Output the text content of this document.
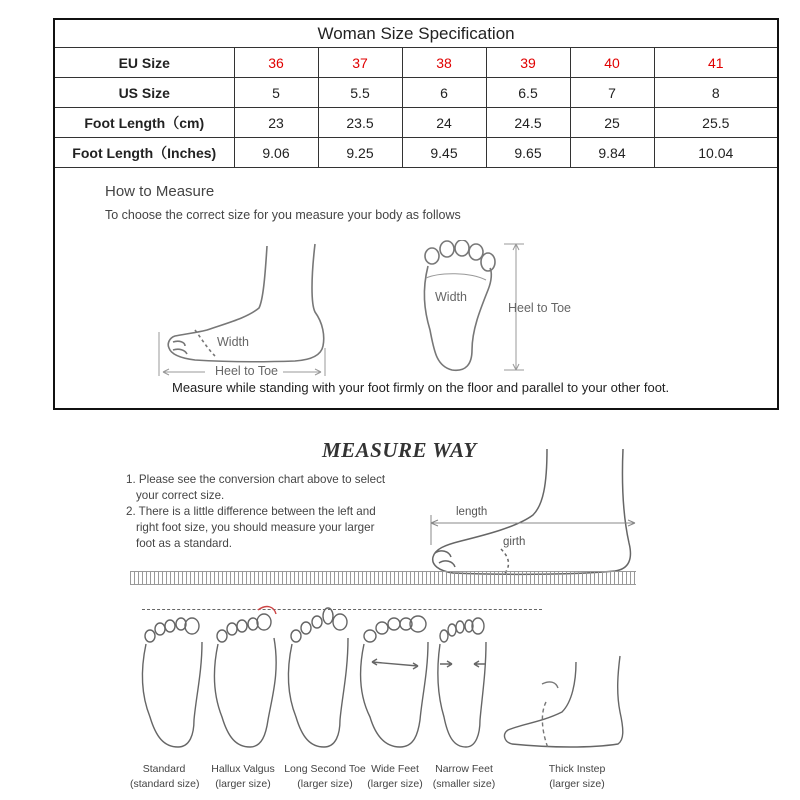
Woman Size Specification						
EU Size	36	37	38	39	40	41
US Size	5	5.5	6	6.5	7	8
Foot Length（cm)	23	23.5	24	24.5	25	25.5
Foot Length（Inches)	9.06	9.25	9.45	9.65	9.84	10.04
How to Measure
To choose the correct size for you measure your body as follows
Width
Heel to Toe
Width
Heel to Toe
Measure while standing with your foot firmly on the floor and parallel to your other foot.
MEASURE WAY
1. Please see the conversion chart above to select your correct size.
2. There is a little difference between the left and right foot size, you should measure your larger foot as a standard.
length
girth
Standard
(standard size)
Hallux Valgus
(larger size)
Long Second Toe
(larger size)
Wide Feet
(larger size)
Narrow Feet
(smaller size)
Thick Instep
(larger size)
